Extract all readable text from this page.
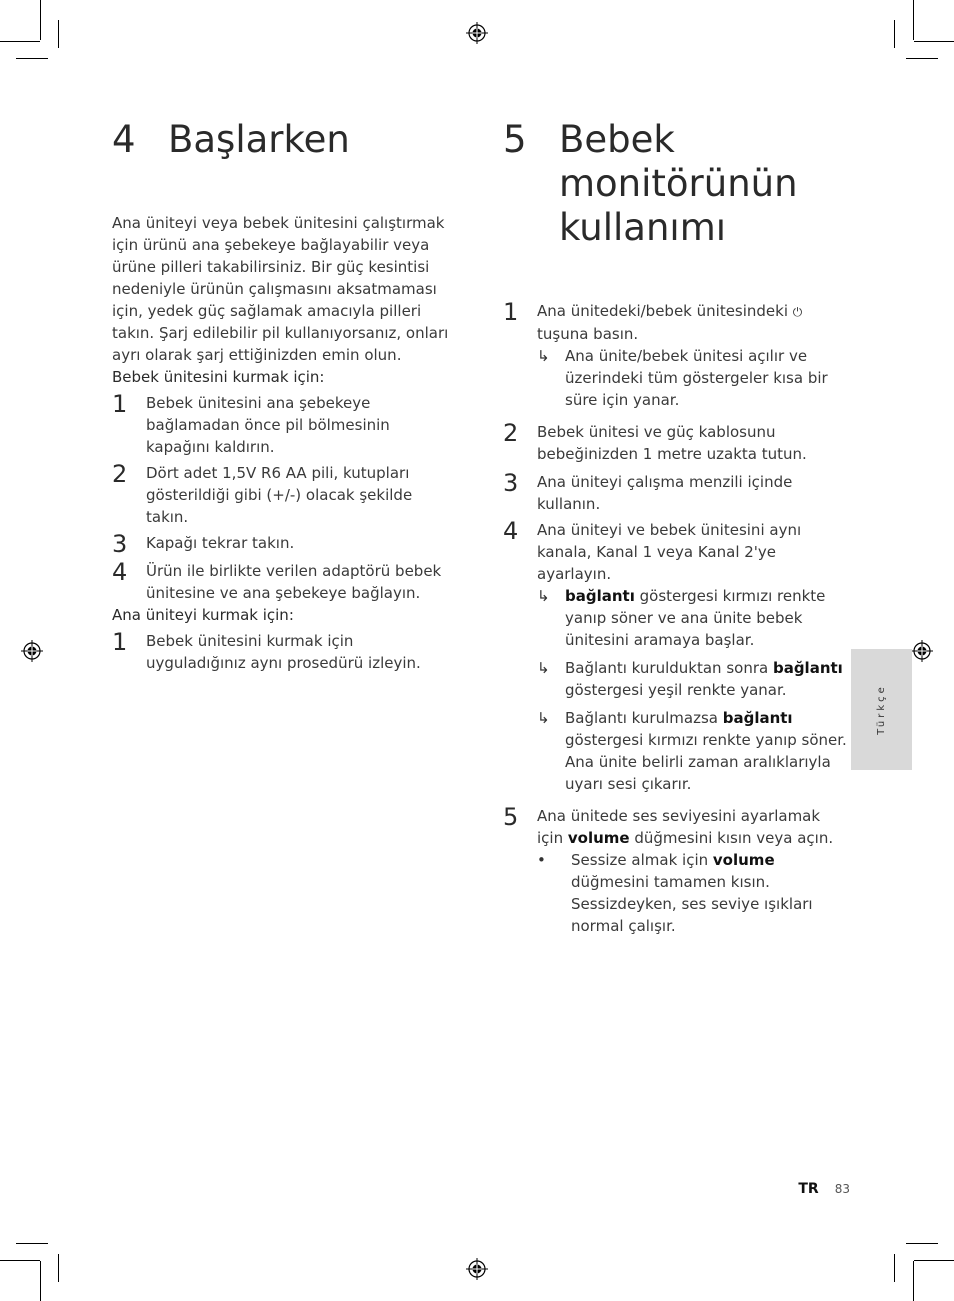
4 Başlarken
Ana üniteyi veya bebek ünitesini çalıştırmak için ürünü ana şebekeye bağlayabilir veya ürüne pilleri takabilirsiniz. Bir güç kesintisi nedeniyle ürünün çalışmasını aksatmaması için, yedek güç sağlamak amacıyla pilleri takın. Şarj edilebilir pil kullanıyorsanız, onları ayrı olarak şarj ettiğinizden emin olun.
Bebek ünitesini kurmak için:
1	Bebek ünitesini ana şebekeye bağlamadan önce pil bölmesinin kapağını kaldırın.
2	Dört adet 1,5V R6 AA pili, kutupları gösterildiği gibi (+/-) olacak şekilde takın.
3	Kapağı tekrar takın.
4	Ürün ile birlikte verilen adaptörü bebek ünitesine ve ana şebekeye bağlayın.
Ana üniteyi kurmak için:
1	Bebek ünitesini kurmak için uyguladığınız aynı prosedürü izleyin.
5 Bebek
monitörünün
kullanımı
1	Ana ünitedeki/bebek ünitesindeki ⏻ tuşuna basın.
↳	Ana ünite/bebek ünitesi açılır ve üzerindeki tüm göstergeler kısa bir süre için yanar.
2	Bebek ünitesi ve güç kablosunu bebeğinizden 1 metre uzakta tutun.
3	Ana üniteyi çalışma menzili içinde kullanın.
4	Ana üniteyi ve bebek ünitesini aynı kanala, Kanal 1 veya Kanal 2'ye ayarlayın.
↳	bağlantı göstergesi kırmızı renkte yanıp söner ve ana ünite bebek ünitesini aramaya başlar.
↳	Bağlantı kurulduktan sonra bağlantı göstergesi yeşil renkte yanar.
↳	Bağlantı kurulmazsa bağlantı göstergesi kırmızı renkte yanıp söner. Ana ünite belirli zaman aralıklarıyla uyarı sesi çıkarır.
5	Ana ünitede ses seviyesini ayarlamak için volume düğmesini kısın veya açın.
•	Sessize almak için volume düğmesini tamamen kısın. Sessizdeyken, ses seviye ışıkları normal çalışır.
Türkçe
TR 83
